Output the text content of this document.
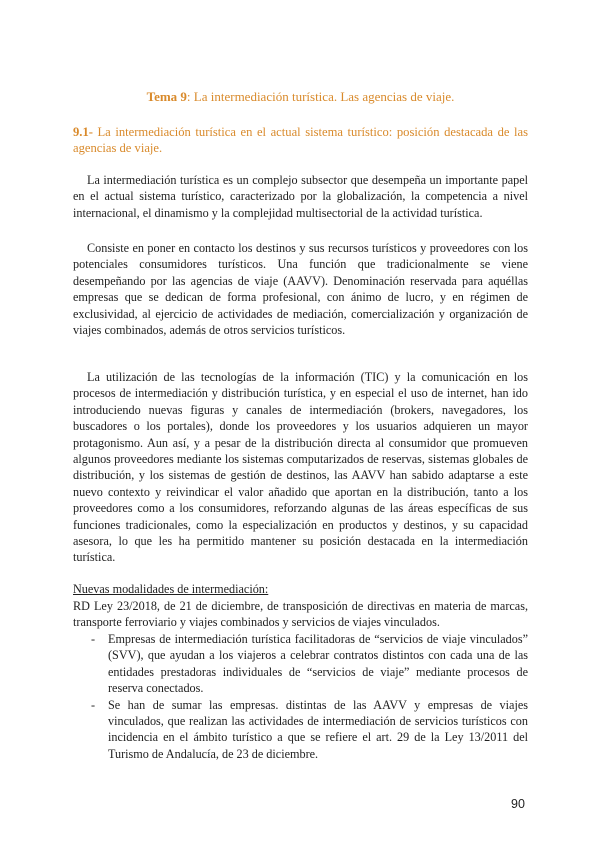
Tema 9: La intermediación turística. Las agencias de viaje.
9.1- La intermediación turística en el actual sistema turístico: posición destacada de las agencias de viaje.

La intermediación turística es un complejo subsector que desempeña un importante papel en el actual sistema turístico, caracterizado por la globalización, la competencia a nivel internacional, el dinamismo y la complejidad multisectorial de la actividad turística.

Consiste en poner en contacto los destinos y sus recursos turísticos y proveedores con los potenciales consumidores turísticos. Una función que tradicionalmente se viene desempeñando por las agencias de viaje (AAVV). Denominación reservada para aquéllas empresas que se dedican de forma profesional, con ánimo de lucro, y en régimen de exclusividad, al ejercicio de actividades de mediación, comercialización y organización de viajes combinados, además de otros servicios turísticos.

La utilización de las tecnologías de la información (TIC) y la comunicación en los procesos de intermediación y distribución turística, y en especial el uso de internet, han ido introduciendo nuevas figuras y canales de intermediación (brokers, navegadores, los buscadores o los portales), donde los proveedores y los usuarios adquieren un mayor protagonismo. Aun así, y a pesar de la distribución directa al consumidor que promueven algunos proveedores mediante los sistemas computarizados de reservas, sistemas globales de distribución, y los sistemas de gestión de destinos, las AAVV han sabido adaptarse a este nuevo contexto y reivindicar el valor añadido que aportan en la distribución, tanto a los proveedores como a los consumidores, reforzando algunas de las áreas específicas de sus funciones tradicionales, como la especialización en productos y destinos, y su capacidad asesora, lo que les ha permitido mantener su posición destacada en la intermediación turística.

Nuevas modalidades de intermediación:
RD Ley 23/2018, de 21 de diciembre, de transposición de directivas en materia de marcas, transporte ferroviario y viajes combinados y servicios de viajes vinculados.
- Empresas de intermediación turística facilitadoras de “servicios de viaje vinculados” (SVV), que ayudan a los viajeros a celebrar contratos distintos con cada una de las entidades prestadoras individuales de “servicios de viaje” mediante procesos de reserva conectados.
- Se han de sumar las empresas. distintas de las AAVV y empresas de viajes vinculados, que realizan las actividades de intermediación de servicios turísticos con incidencia en el ámbito turístico a que se refiere el art. 29 de la Ley 13/2011 del Turismo de Andalucía, de 23 de diciembre.
90
